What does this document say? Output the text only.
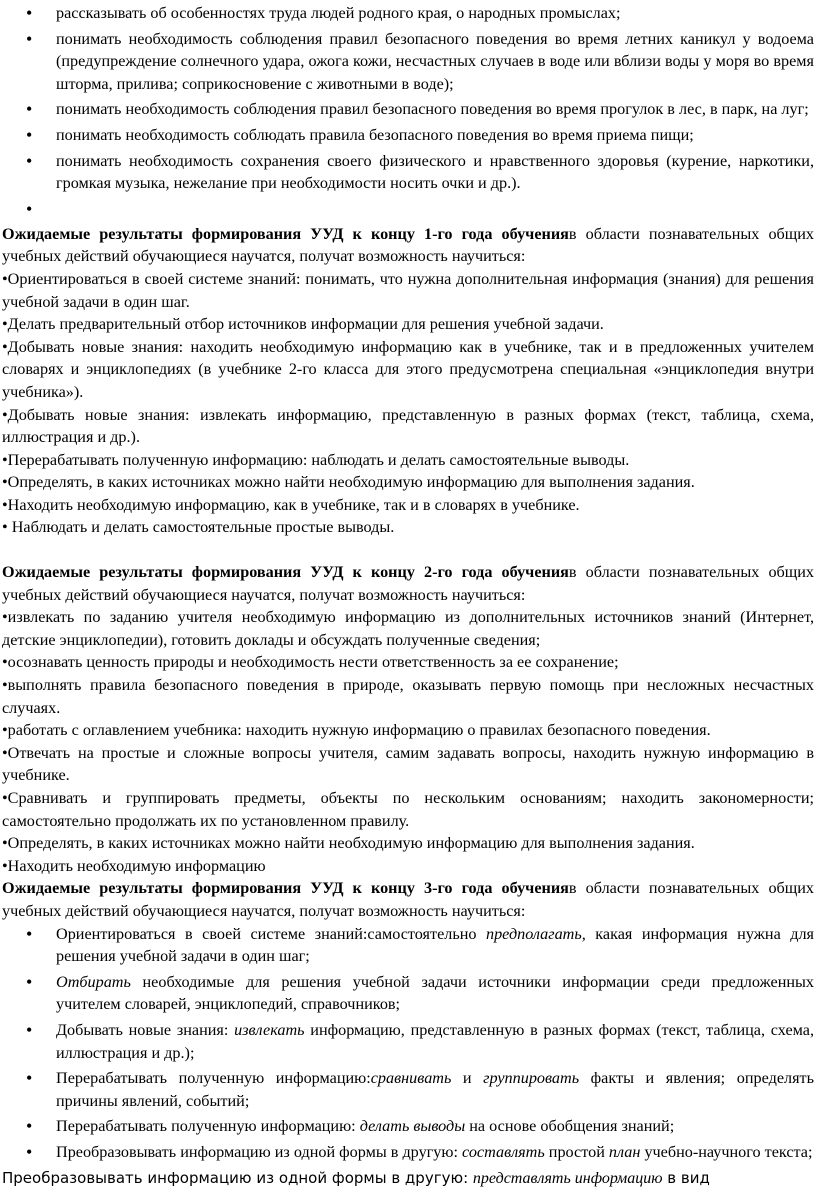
• рассказывать об особенностях труда людей родного края, о народных промыслах;
• понимать необходимость соблюдения правил безопасного поведения во время летних каникул у водоема (предупреждение солнечного удара, ожога кожи, несчастных случаев в воде или вблизи воды у моря во время шторма, прилива; соприкосновение с животными в воде);
• понимать необходимость соблюдения правил безопасного поведения во время прогулок в лес, в парк, на луг;
• понимать необходимость соблюдать правила безопасного поведения во время приема пищи;
• понимать необходимость сохранения своего физического и нравственного здоровья (курение, наркотики, громкая музыка, нежелание при необходимости носить очки и др.).
•

Ожидаемые результаты формирования УУД к концу 1-го года обученияв области познавательных общих учебных действий обучающиеся научатся, получат возможность научиться:

•Ориентироваться в своей системе знаний: понимать, что нужна дополнительная информация (знания) для решения учебной задачи в один шаг.

•Делать предварительный отбор источников информации для решения учебной задачи.

•Добывать новые знания: находить необходимую информацию как в учебнике, так и в предложенных учителем словарях и энциклопедиях (в учебнике 2-го класса для этого предусмотрена специальная «энциклопедия внутри учебника»).

•Добывать новые знания: извлекать информацию, представленную в разных формах (текст, таблица, схема, иллюстрация и др.).

•Перерабатывать полученную информацию: наблюдать и делать самостоятельные выводы.

•Определять, в каких источниках можно найти необходимую информацию для выполнения задания.

•Находить необходимую информацию, как в учебнике, так и в словарях в учебнике.

• Наблюдать и делать самостоятельные простые выводы.

Ожидаемые результаты формирования УУД к концу 2-го года обученияв области познавательных общих учебных действий обучающиеся научатся, получат возможность научиться:

•извлекать по заданию учителя необходимую информацию из дополнительных источников знаний (Интернет, детские энциклопедии), готовить доклады и обсуждать полученные сведения;

•осознавать ценность природы и необходимость нести ответственность за ее сохранение;

•выполнять правила безопасного поведения в природе, оказывать первую помощь при несложных несчастных случаях.

•работать с оглавлением учебника: находить нужную информацию о правилах безопасного поведения.

•Отвечать на простые и сложные вопросы учителя, самим задавать вопросы, находить нужную информацию в учебнике.

•Сравнивать и группировать предметы, объекты по нескольким основаниям; находить закономерности; самостоятельно продолжать их по установленном правилу.

•Определять, в каких источниках можно найти необходимую информацию для выполнения задания.

•Находить необходимую информацию

Ожидаемые результаты формирования УУД к концу 3-го года обученияв области познавательных общих учебных действий обучающиеся научатся, получат возможность научиться:

• Ориентироваться в своей системе знаний:самостоятельно предполагать, какая информация нужна для решения учебной задачи в один шаг;
• Отбирать необходимые для решения учебной задачи источники информации среди предложенных учителем словарей, энциклопедий, справочников;
• Добывать новые знания: извлекать информацию, представленную в разных формах (текст, таблица, схема, иллюстрация и др.);
• Перерабатывать полученную информацию:сравнивать и группировать факты и явления; определять причины явлений, событий;
• Перерабатывать полученную информацию: делать выводы на основе обобщения знаний;
• Преобразовывать информацию из одной формы в другую: составлять простой план учебно-научного текста;

Преобразовывать информацию из одной формы в другую: представлять информацию в вид
